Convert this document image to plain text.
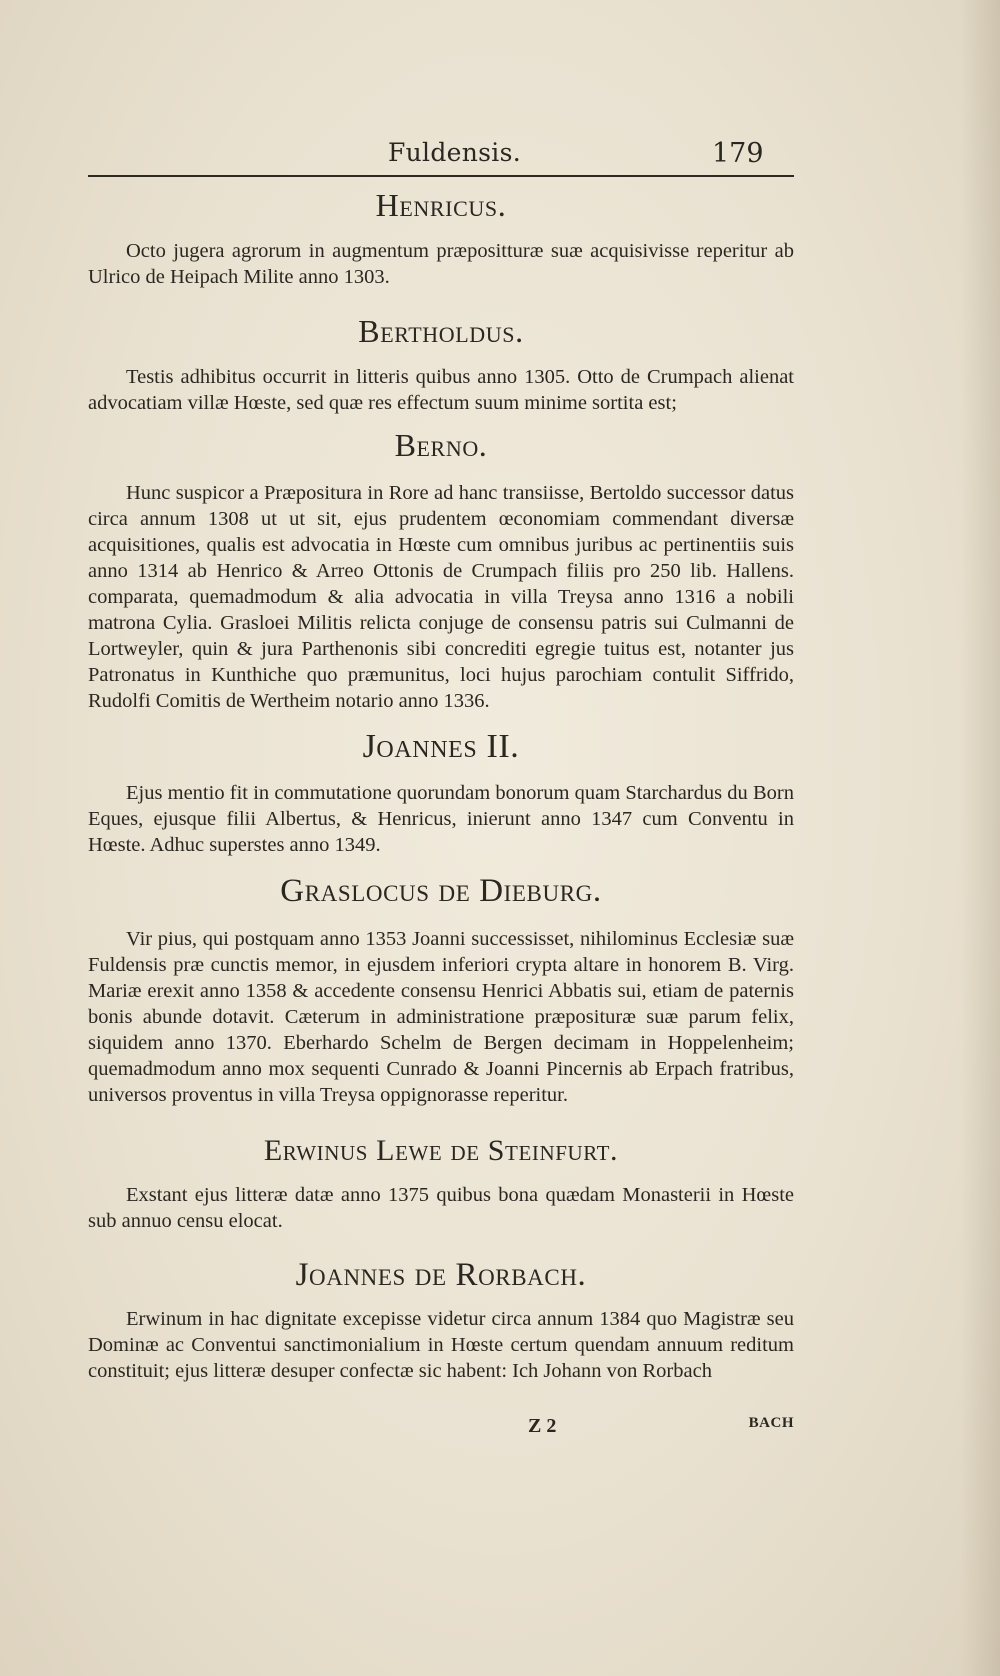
Fuldensis.	179
Henricus.

Octo jugera agrorum in augmentum præpositturæ suæ acquisivisse reperitur ab Ulrico de Heipach Milite anno 1303.

Bertholdus.

Testis adhibitus occurrit in litteris quibus anno 1305. Otto de Crumpach alienat advocatiam villæ Hœste, sed quæ res effectum suum minime sortita est;

Berno.

Hunc suspicor a Præpositura in Rore ad hanc transiisse, Bertoldo successor datus circa annum 1308 ut ut sit, ejus prudentem œconomiam commendant diversæ acquisitiones, qualis est advocatia in Hœste cum omnibus juribus ac pertinentiis suis anno 1314 ab Henrico & Arreo Ottonis de Crumpach filiis pro 250 lib. Hallens. comparata, quemadmodum & alia advocatia in villa Treysa anno 1316 a nobili matrona Cylia. Grasloei Militis relicta conjuge de consensu patris sui Culmanni de Lortweyler, quin & jura Parthenonis sibi concrediti egregie tuitus est, notanter jus Patronatus in Kunthiche quo præmunitus, loci hujus parochiam contulit Siffrido, Rudolfi Comitis de Wertheim notario anno 1336.

Joannes II.

Ejus mentio fit in commutatione quorundam bonorum quam Starchardus du Born Eques, ejusque filii Albertus, & Henricus, inierunt anno 1347 cum Conventu in Hœste. Adhuc superstes anno 1349.

Graslocus de Dieburg.

Vir pius, qui postquam anno 1353 Joanni successisset, nihilominus Ecclesiæ suæ Fuldensis præ cunctis memor, in ejusdem inferiori crypta altare in honorem B. Virg. Mariæ erexit anno 1358 & accedente consensu Henrici Abbatis sui, etiam de paternis bonis abunde dotavit. Cæterum in administratione præposituræ suæ parum felix, siquidem anno 1370. Eberhardo Schelm de Bergen decimam in Hoppelenheim; quemadmodum anno mox sequenti Cunrado & Joanni Pincernis ab Erpach fratribus, universos proventus in villa Treysa oppignorasse reperitur.

Erwinus Lewe de Steinfurt.

Exstant ejus litteræ datæ anno 1375 quibus bona quædam Monasterii in Hœste sub annuo censu elocat.

Joannes de Rorbach.

Erwinum in hac dignitate excepisse videtur circa annum 1384 quo Magistræ seu Dominæ ac Conventui sanctimonialium in Hœste certum quendam annuum reditum constituit; ejus litteræ desuper confectæ sic habent: Ich Johann von Rorbach

Z 2	BACH
